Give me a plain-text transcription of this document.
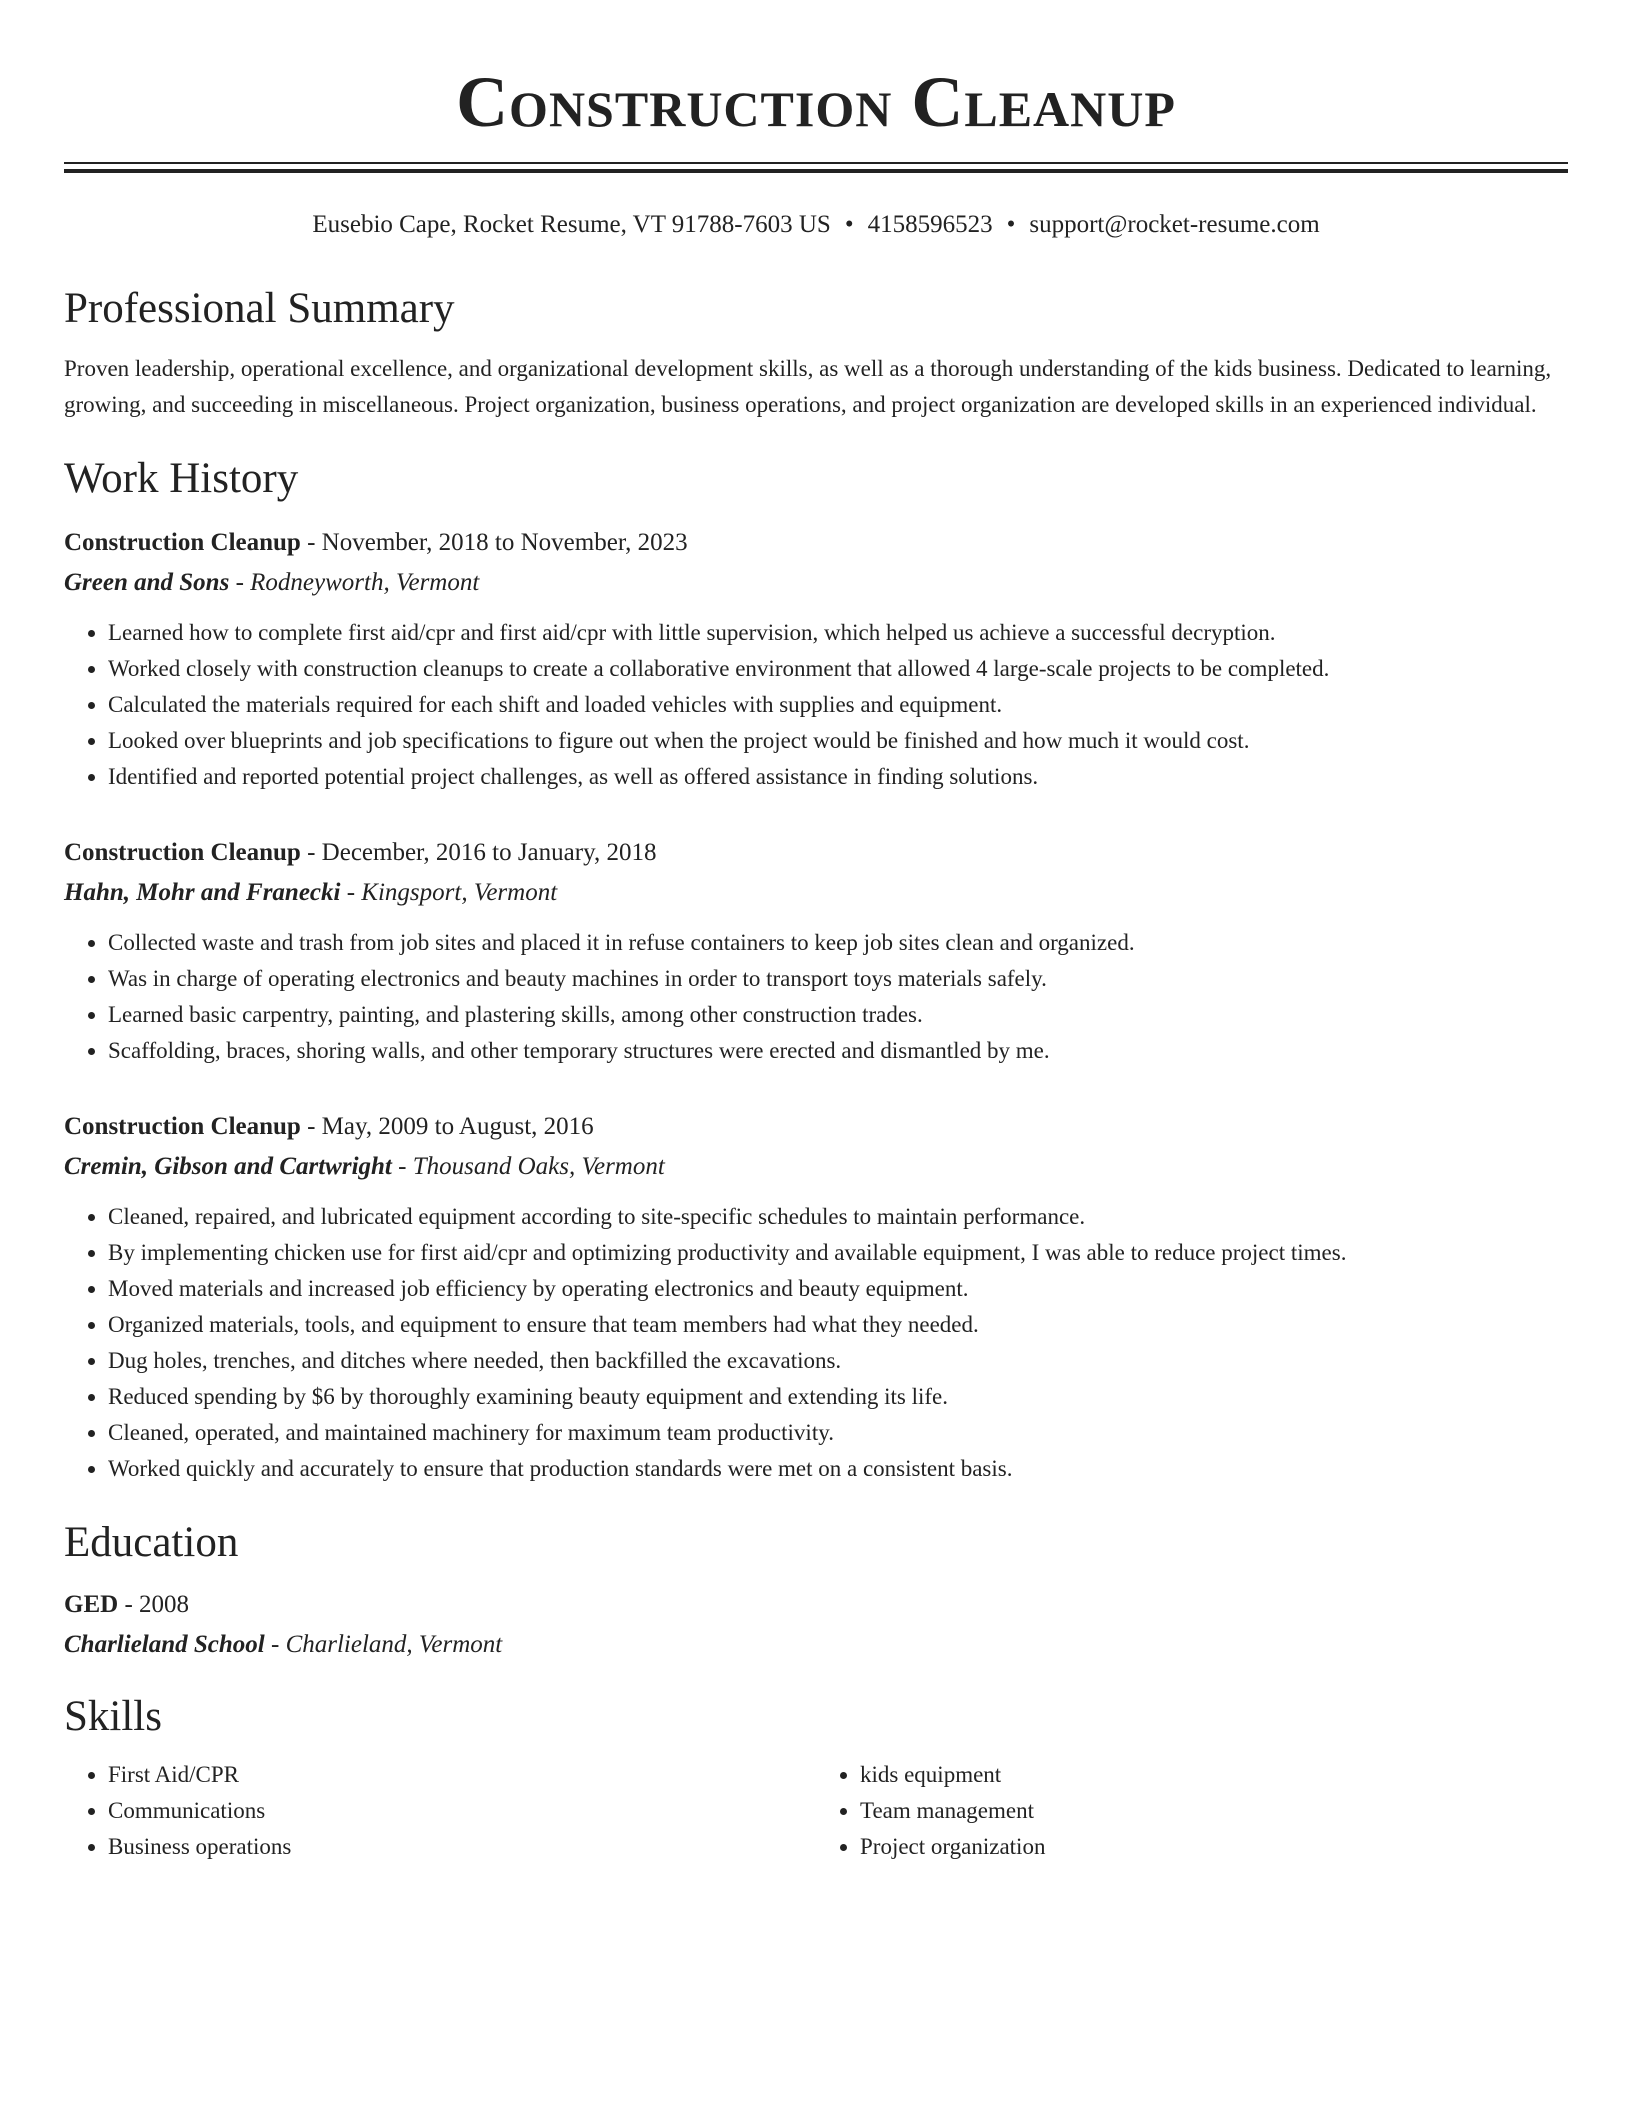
Construction Cleanup
Eusebio Cape, Rocket Resume, VT 91788-7603 US • 4158596523 • support@rocket-resume.com
Professional Summary

Proven leadership, operational excellence, and organizational development skills, as well as a thorough understanding of the kids business. Dedicated to learning, growing, and succeeding in miscellaneous. Project organization, business operations, and project organization are developed skills in an experienced individual.

Work History
Construction Cleanup - November, 2018 to November, 2023
Green and Sons - Rodneyworth, Vermont
• Learned how to complete first aid/cpr and first aid/cpr with little supervision, which helped us achieve a successful decryption.
• Worked closely with construction cleanups to create a collaborative environment that allowed 4 large-scale projects to be completed.
• Calculated the materials required for each shift and loaded vehicles with supplies and equipment.
• Looked over blueprints and job specifications to figure out when the project would be finished and how much it would cost.
• Identified and reported potential project challenges, as well as offered assistance in finding solutions.
Construction Cleanup - December, 2016 to January, 2018
Hahn, Mohr and Franecki - Kingsport, Vermont
• Collected waste and trash from job sites and placed it in refuse containers to keep job sites clean and organized.
• Was in charge of operating electronics and beauty machines in order to transport toys materials safely.
• Learned basic carpentry, painting, and plastering skills, among other construction trades.
• Scaffolding, braces, shoring walls, and other temporary structures were erected and dismantled by me.
Construction Cleanup - May, 2009 to August, 2016
Cremin, Gibson and Cartwright - Thousand Oaks, Vermont
• Cleaned, repaired, and lubricated equipment according to site-specific schedules to maintain performance.
• By implementing chicken use for first aid/cpr and optimizing productivity and available equipment, I was able to reduce project times.
• Moved materials and increased job efficiency by operating electronics and beauty equipment.
• Organized materials, tools, and equipment to ensure that team members had what they needed.
• Dug holes, trenches, and ditches where needed, then backfilled the excavations.
• Reduced spending by $6 by thoroughly examining beauty equipment and extending its life.
• Cleaned, operated, and maintained machinery for maximum team productivity.
• Worked quickly and accurately to ensure that production standards were met on a consistent basis.
Education
GED - 2008
Charlieland School - Charlieland, Vermont
Skills
• First Aid/CPR
• Communications
• Business operations
• kids equipment
• Team management
• Project organization
